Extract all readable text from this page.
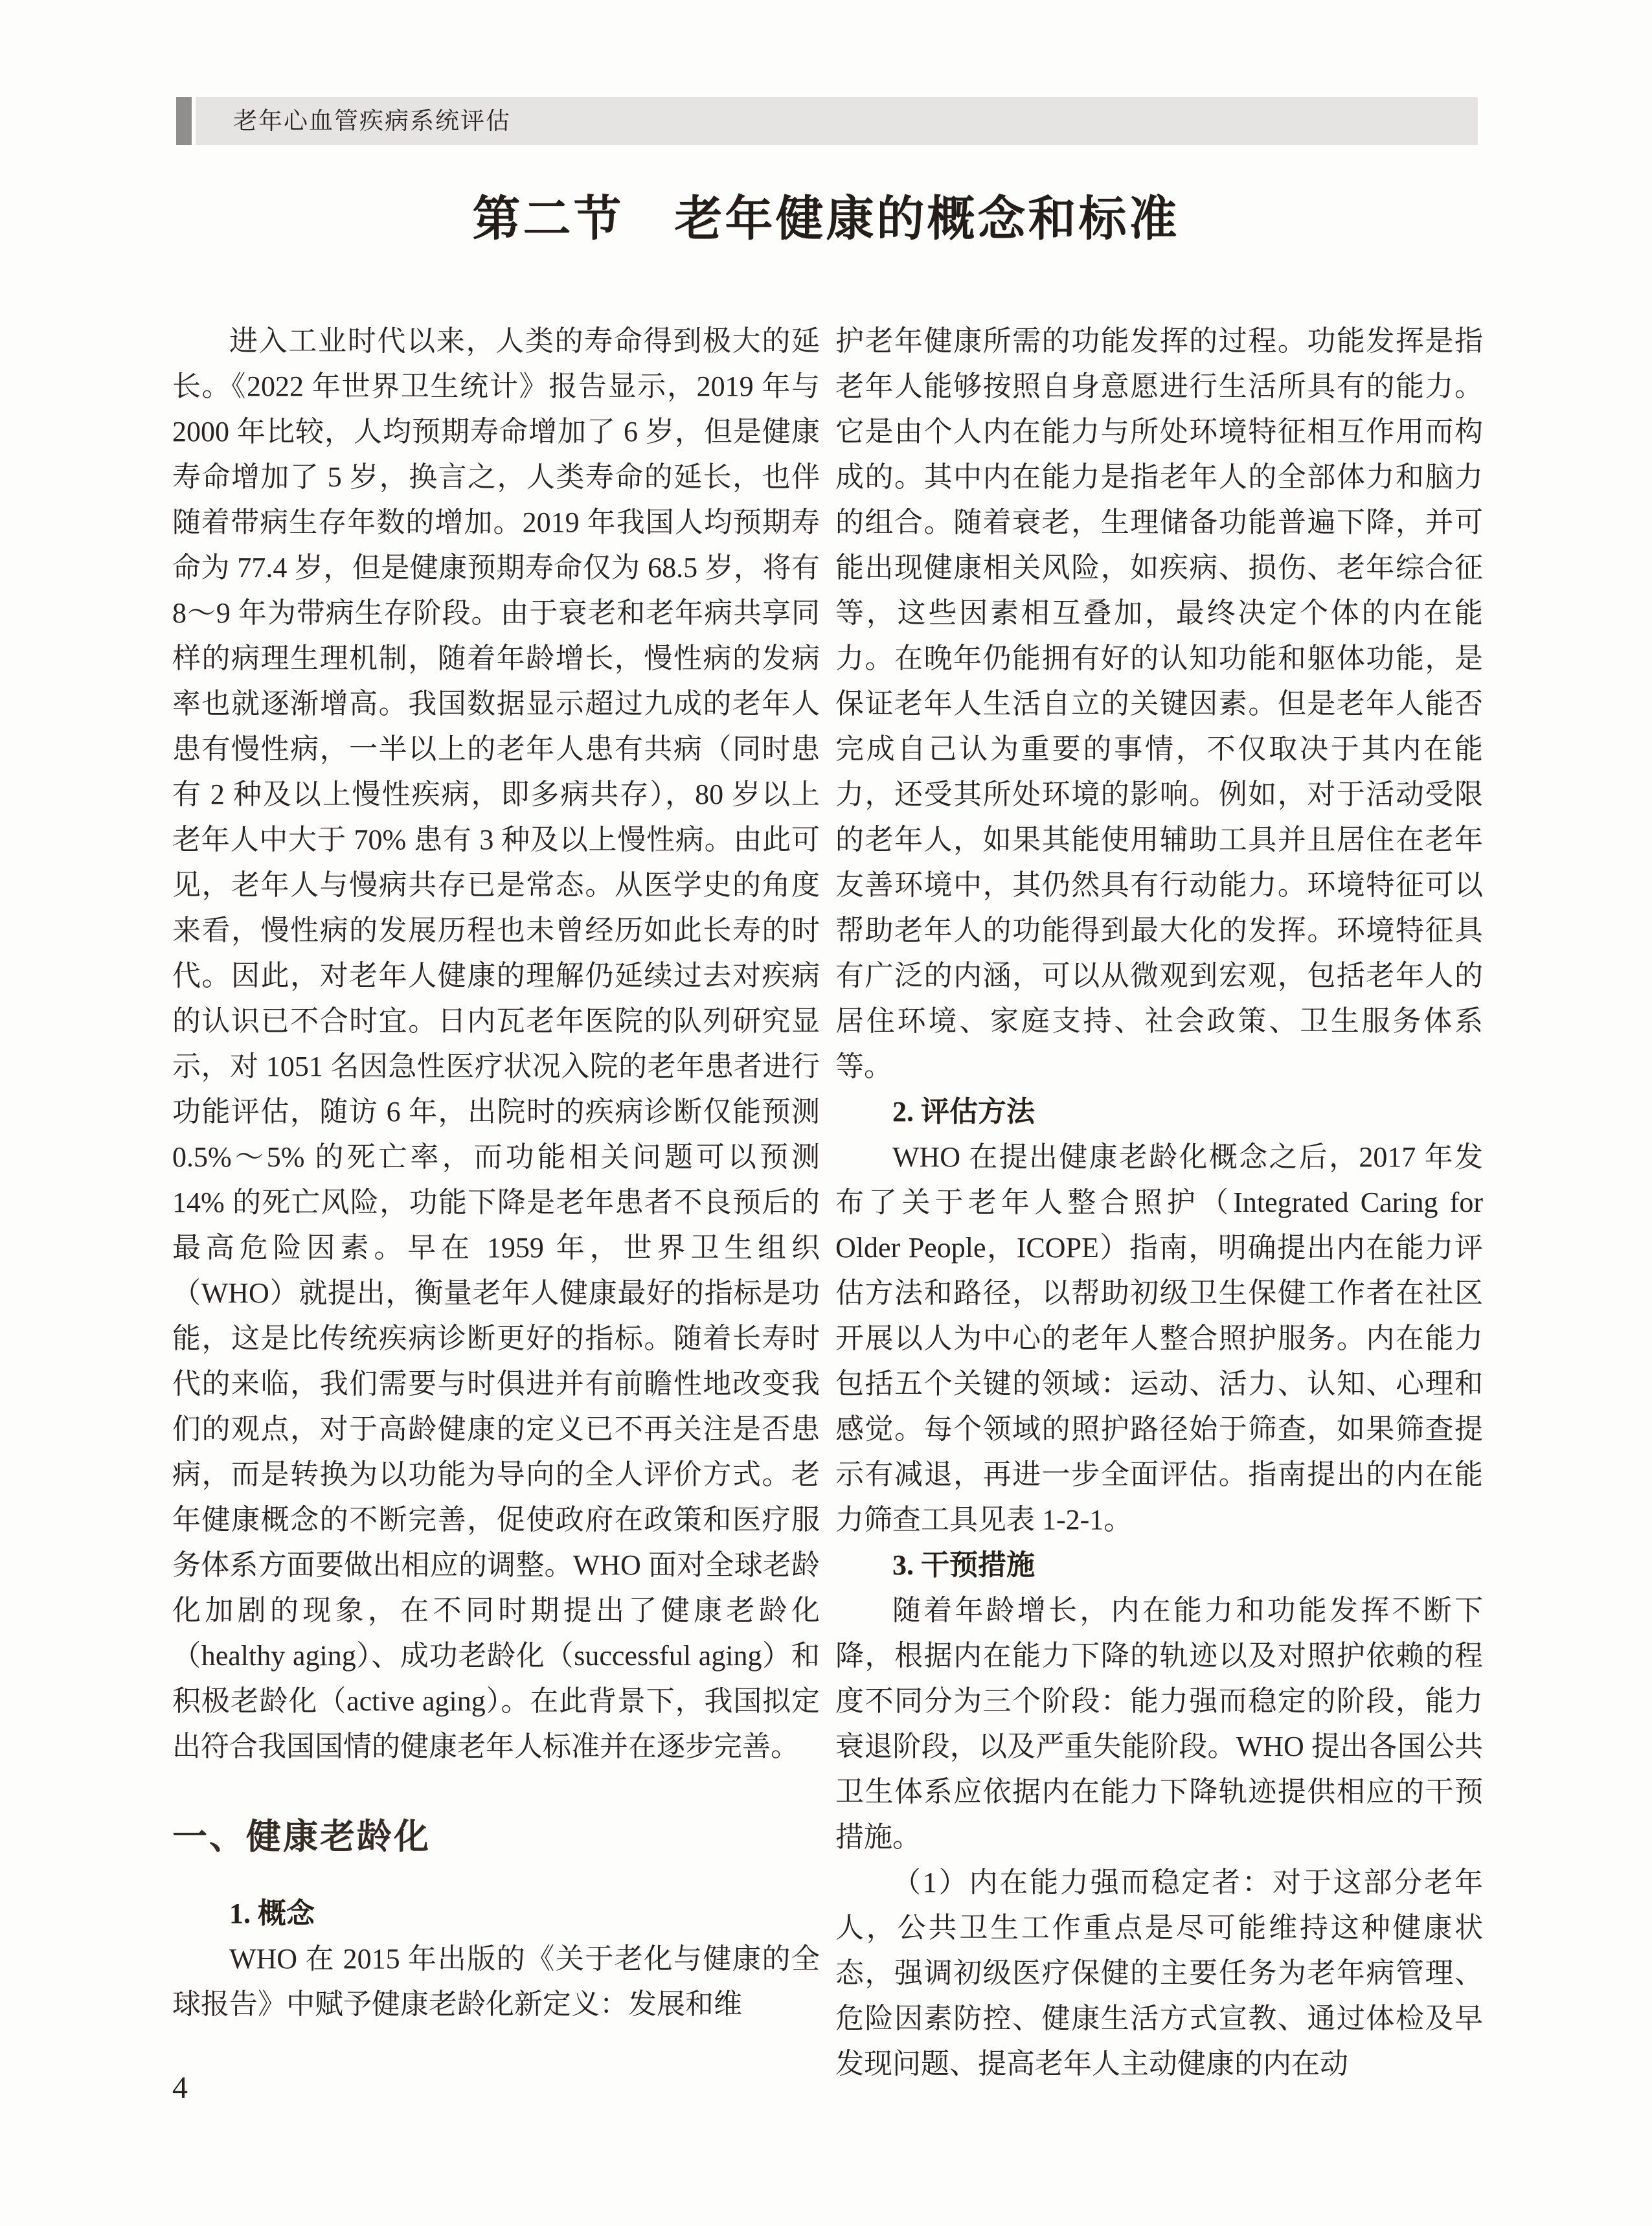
老年心血管疾病系统评估
第二节　老年健康的概念和标准

进入工业时代以来，人类的寿命得到极大的延长。《2022 年世界卫生统计》报告显示，2019 年与 2000 年比较，人均预期寿命增加了 6 岁，但是健康寿命增加了 5 岁，换言之，人类寿命的延长，也伴随着带病生存年数的增加。2019 年我国人均预期寿命为 77.4 岁，但是健康预期寿命仅为 68.5 岁，将有 8～9 年为带病生存阶段。由于衰老和老年病共享同样的病理生理机制，随着年龄增长，慢性病的发病率也就逐渐增高。我国数据显示超过九成的老年人患有慢性病，一半以上的老年人患有共病（同时患有 2 种及以上慢性疾病，即多病共存），80 岁以上老年人中大于 70% 患有 3 种及以上慢性病。由此可见，老年人与慢病共存已是常态。从医学史的角度来看，慢性病的发展历程也未曾经历如此长寿的时代。因此，对老年人健康的理解仍延续过去对疾病的认识已不合时宜。日内瓦老年医院的队列研究显示，对 1051 名因急性医疗状况入院的老年患者进行功能评估，随访 6 年，出院时的疾病诊断仅能预测 0.5%～5% 的死亡率，而功能相关问题可以预测 14% 的死亡风险，功能下降是老年患者不良预后的最高危险因素。早在 1959 年，世界卫生组织（WHO）就提出，衡量老年人健康最好的指标是功能，这是比传统疾病诊断更好的指标。随着长寿时代的来临，我们需要与时俱进并有前瞻性地改变我们的观点，对于高龄健康的定义已不再关注是否患病，而是转换为以功能为导向的全人评价方式。老年健康概念的不断完善，促使政府在政策和医疗服务体系方面要做出相应的调整。WHO 面对全球老龄化加剧的现象，在不同时期提出了健康老龄化（healthy aging）、成功老龄化（successful aging）和积极老龄化（active aging）。在此背景下，我国拟定出符合我国国情的健康老年人标准并在逐步完善。

一、健康老龄化
1. 概念

WHO 在 2015 年出版的《关于老化与健康的全球报告》中赋予健康老龄化新定义：发展和维

护老年健康所需的功能发挥的过程。功能发挥是指老年人能够按照自身意愿进行生活所具有的能力。它是由个人内在能力与所处环境特征相互作用而构成的。其中内在能力是指老年人的全部体力和脑力的组合。随着衰老，生理储备功能普遍下降，并可能出现健康相关风险，如疾病、损伤、老年综合征等，这些因素相互叠加，最终决定个体的内在能力。在晚年仍能拥有好的认知功能和躯体功能，是保证老年人生活自立的关键因素。但是老年人能否完成自己认为重要的事情，不仅取决于其内在能力，还受其所处环境的影响。例如，对于活动受限的老年人，如果其能使用辅助工具并且居住在老年友善环境中，其仍然具有行动能力。环境特征可以帮助老年人的功能得到最大化的发挥。环境特征具有广泛的内涵，可以从微观到宏观，包括老年人的居住环境、家庭支持、社会政策、卫生服务体系等。

2. 评估方法

WHO 在提出健康老龄化概念之后，2017 年发布了关于老年人整合照护（Integrated Caring for Older People，ICOPE）指南，明确提出内在能力评估方法和路径，以帮助初级卫生保健工作者在社区开展以人为中心的老年人整合照护服务。内在能力包括五个关键的领域：运动、活力、认知、心理和感觉。每个领域的照护路径始于筛查，如果筛查提示有减退，再进一步全面评估。指南提出的内在能力筛查工具见表 1-2-1。

3. 干预措施

随着年龄增长，内在能力和功能发挥不断下降，根据内在能力下降的轨迹以及对照护依赖的程度不同分为三个阶段：能力强而稳定的阶段，能力衰退阶段，以及严重失能阶段。WHO 提出各国公共卫生体系应依据内在能力下降轨迹提供相应的干预措施。

（1）内在能力强而稳定者：对于这部分老年人，公共卫生工作重点是尽可能维持这种健康状态，强调初级医疗保健的主要任务为老年病管理、危险因素防控、健康生活方式宣教、通过体检及早发现问题、提高老年人主动健康的内在动

4
